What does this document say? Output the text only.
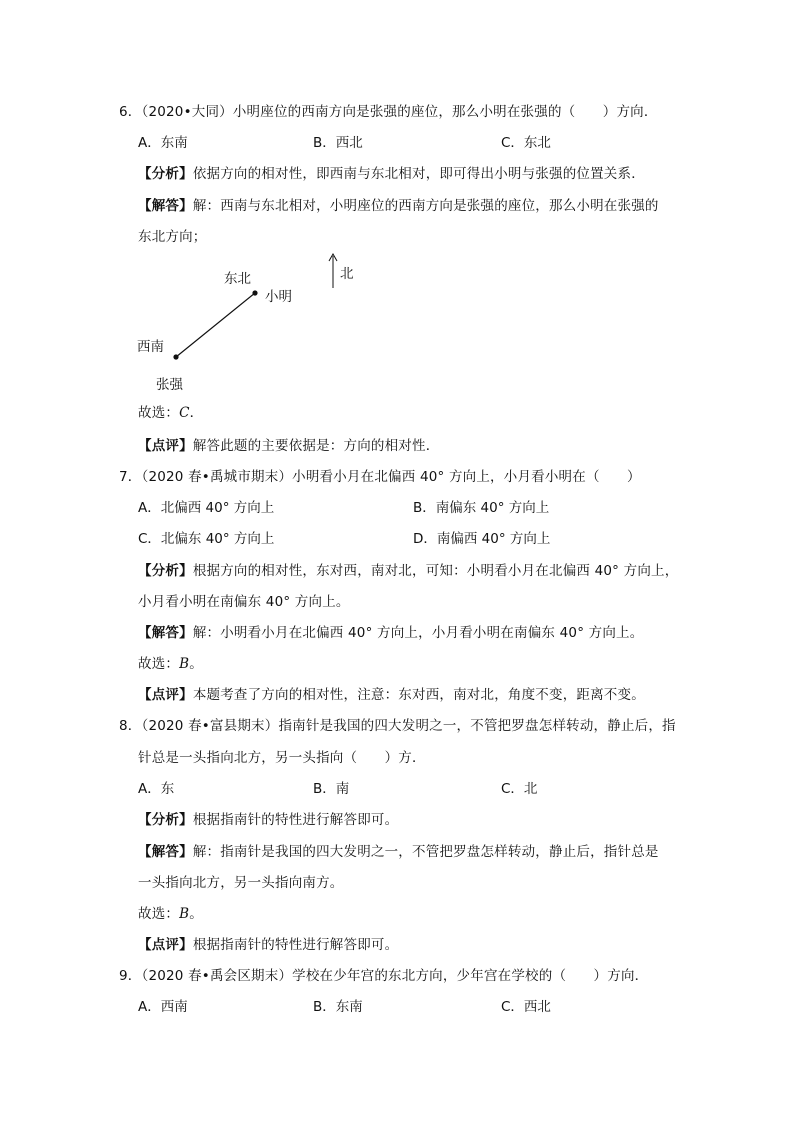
6．（2020•大同）小明座位的西南方向是张强的座位，那么小明在张强的（　　）方向．
A．东南	B．西北	C．东北
【分析】依据方向的相对性，即西南与东北相对，即可得出小明与张强的位置关系．
【解答】解：西南与东北相对，小明座位的西南方向是张强的座位，那么小明在张强的
东北方向；
东北
小明
西南
张强
北
故选：C．
【点评】解答此题的主要依据是：方向的相对性．
7．（2020 春•禹城市期末）小明看小月在北偏西 40° 方向上，小月看小明在（　　）
A．北偏西 40° 方向上	B．南偏东 40° 方向上
C．北偏东 40° 方向上	D．南偏西 40° 方向上
【分析】根据方向的相对性，东对西，南对北，可知：小明看小月在北偏西 40° 方向上，
小月看小明在南偏东 40° 方向上。
【解答】解：小明看小月在北偏西 40° 方向上，小月看小明在南偏东 40° 方向上。
故选：B。
【点评】本题考查了方向的相对性，注意：东对西，南对北，角度不变，距离不变。
8．（2020 春•富县期末）指南针是我国的四大发明之一，不管把罗盘怎样转动，静止后，指
针总是一头指向北方，另一头指向（　　）方．
A．东	B．南	C．北
【分析】根据指南针的特性进行解答即可。
【解答】解：指南针是我国的四大发明之一，不管把罗盘怎样转动，静止后，指针总是
一头指向北方，另一头指向南方。
故选：B。
【点评】根据指南针的特性进行解答即可。
9．（2020 春•禹会区期末）学校在少年宫的东北方向，少年宫在学校的（　　）方向．
A．西南	B．东南	C．西北
